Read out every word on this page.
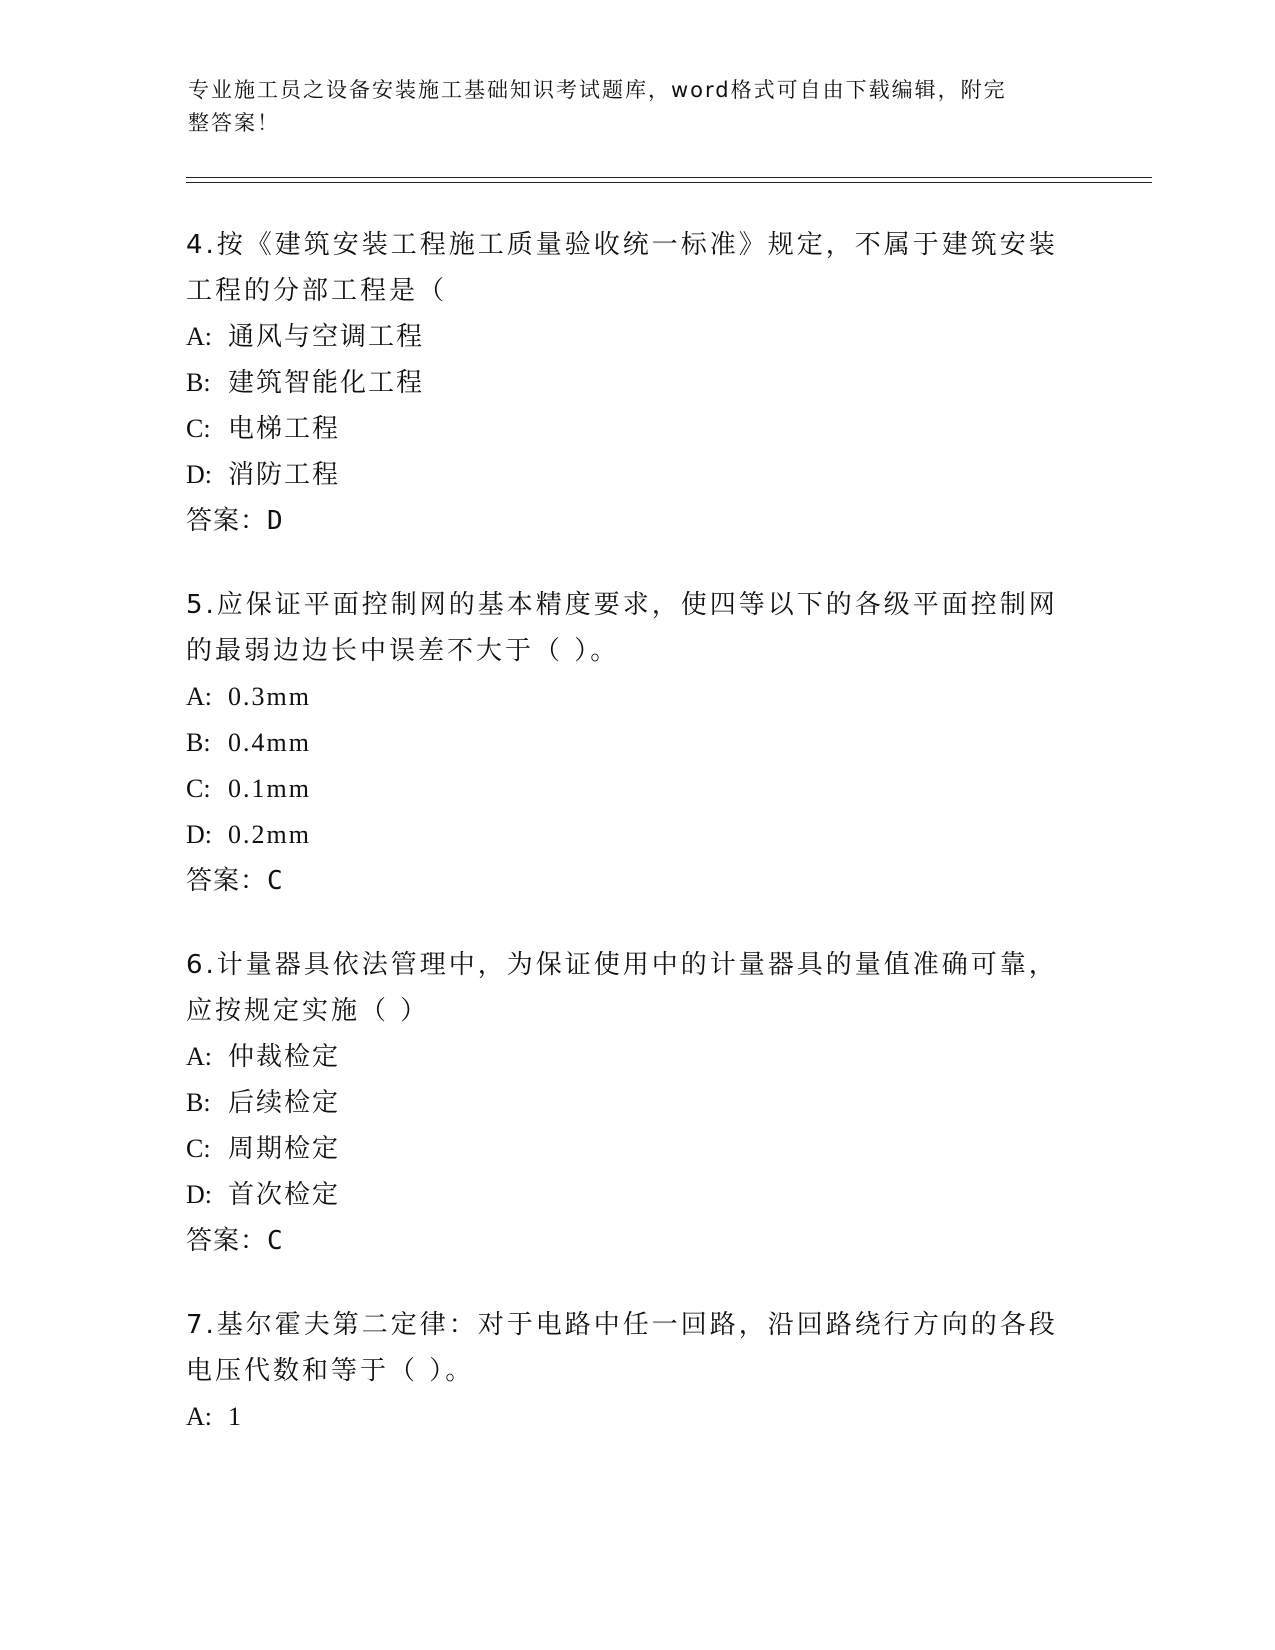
专业施工员之设备安装施工基础知识考试题库，word格式可自由下载编辑，附完
整答案！

4.按《建筑安装工程施工质量验收统一标准》规定，不属于建筑安装

工程的分部工程是（

A: 通风与空调工程
B: 建筑智能化工程
C: 电梯工程
D: 消防工程
答案：D

5.应保证平面控制网的基本精度要求，使四等以下的各级平面控制网

的最弱边边长中误差不大于（ ）。

A: 0.3mm
B: 0.4mm
C: 0.1mm
D: 0.2mm
答案：C

6.计量器具依法管理中，为保证使用中的计量器具的量值准确可靠，

应按规定实施（ ）

A: 仲裁检定
B: 后续检定
C: 周期检定
D: 首次检定
答案：C

7.基尔霍夫第二定律：对于电路中任一回路，沿回路绕行方向的各段

电压代数和等于（ ）。

A: 1
